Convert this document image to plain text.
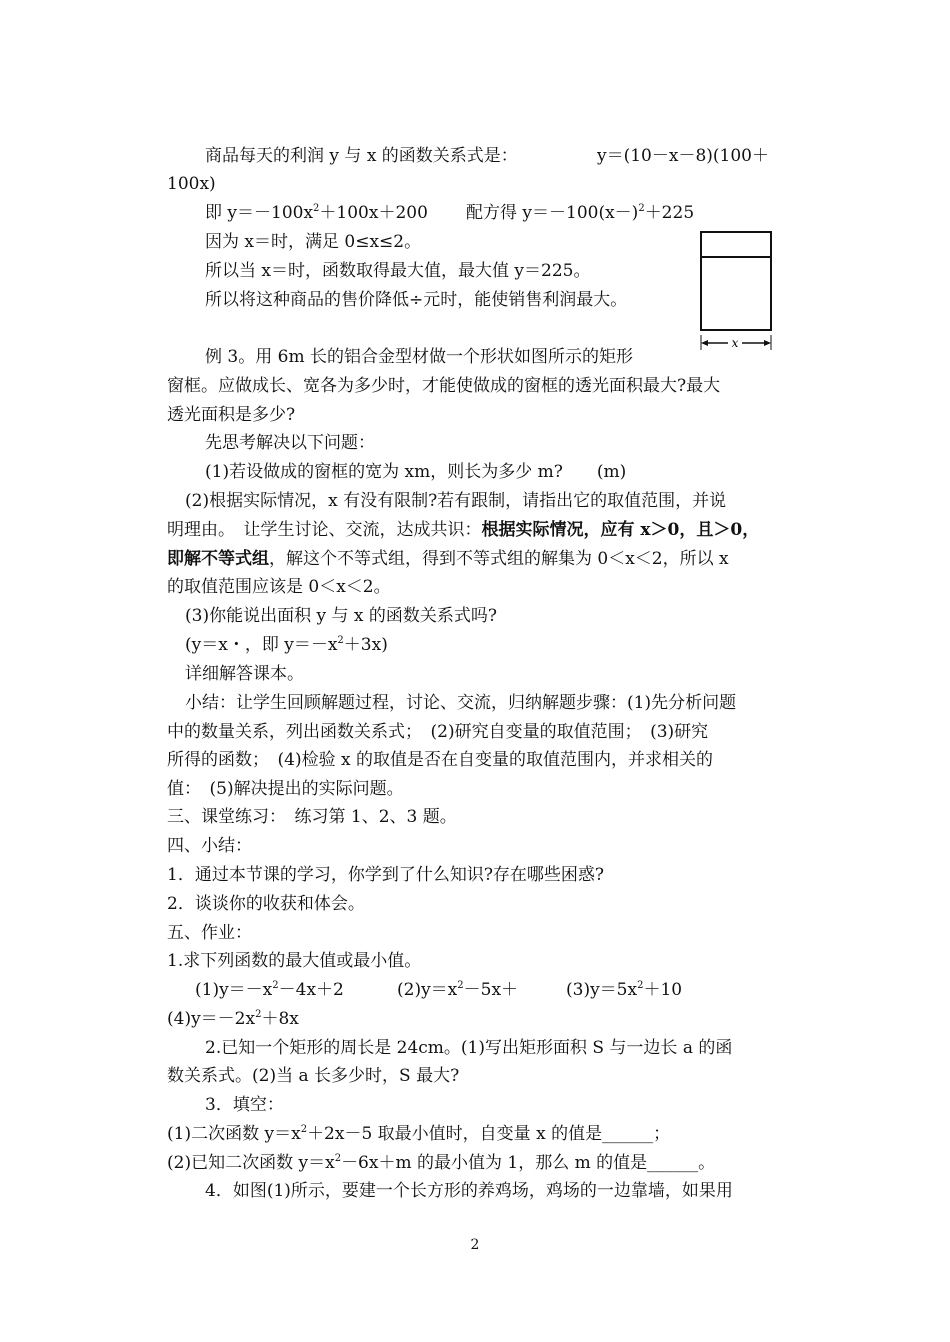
商品每天的利润 y 与 x 的函数关系式是：	y＝(10－x－8)(100＋
100x)
即 $y=-100x^2+100x+200$ 配方得 $y=-100(x-)^2+225$
因为 x＝时，满足 0≤x≤2。
所以当 x＝时，函数取得最大值，最大值 y＝225。
所以将这种商品的售价降低÷元时，能使销售利润最大。
x
例 3。用 6m 长的铝合金型材做一个形状如图所示的矩形
窗框。应做成长、宽各为多少时，才能使做成的窗框的透光面积最大?最大
透光面积是多少?
先思考解决以下问题：
(1)若设做成的窗框的宽为 xm，则长为多少 m?　　(m)
(2)根据实际情况，x 有没有限制?若有跟制，请指出它的取值范围，并说
明理由。　让学生讨论、交流，达成共识：根据实际情况，应有 x＞0，且＞0，
即解不等式组，解这个不等式组，得到不等式组的解集为 0＜x＜2，所以 x
的取值范围应该是 0＜x＜2。
(3)你能说出面积 y 与 x 的函数关系式吗?
(y＝x・，即 $y=-x^2+3x$)
详细解答课本。
小结：让学生回顾解题过程，讨论、交流，归纳解题步骤：(1)先分析问题
中的数量关系，列出函数关系式；　(2)研究自变量的取值范围；　(3)研究
所得的函数；　(4)检验 x 的取值是否在自变量的取值范围内，并求相关的
值：　(5)解决提出的实际问题。
三、课堂练习：　练习第 1、2、3 题。
四、小结：
1．通过本节课的学习，你学到了什么知识?存在哪些困惑?
2．谈谈你的收获和体会。
五、作业：
1.求下列函数的最大值或最小值。
$(1)y=-x^2-4x+2$	$(2)y=x^2-5x+$	$(3)y=5x^2+10$
$(4)y=-2x^2+8x$
2.已知一个矩形的周长是 24cm。(1)写出矩形面积 S 与一边长 a 的函
数关系式。(2)当 a 长多少时，S 最大?
3．填空：
(1)二次函数 $y=x^2+2x-5$ 取最小值时，自变量 x 的值是______；
(2)已知二次函数 $y=x^2-6x+m$ 的最小值为 1，那么 m 的值是______。
4．如图(1)所示，要建一个长方形的养鸡场，鸡场的一边靠墙，如果用
2
